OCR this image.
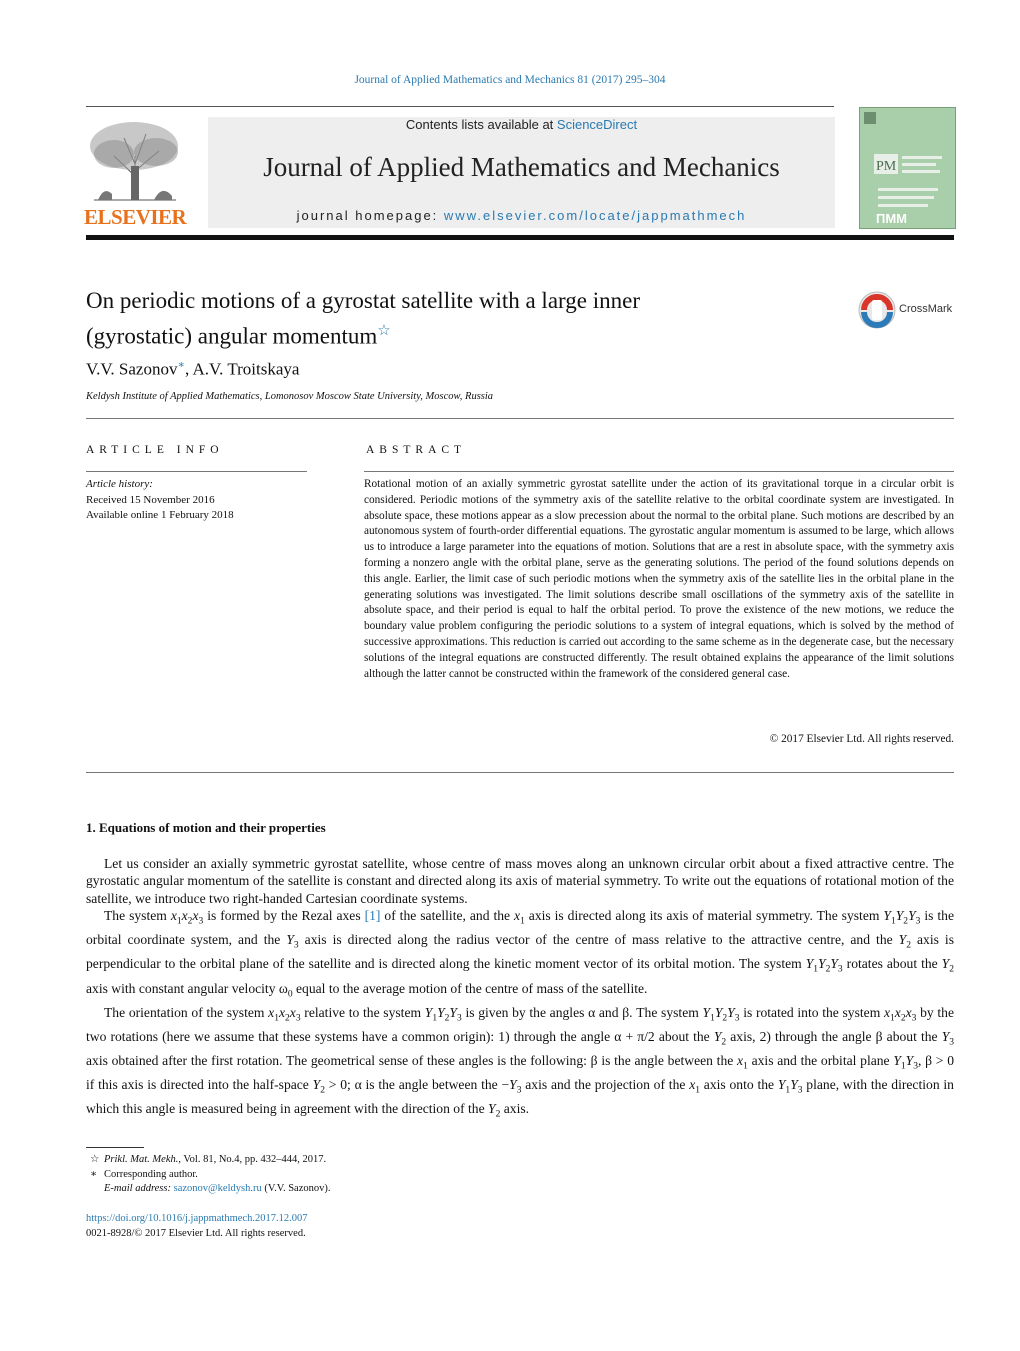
Journal of Applied Mathematics and Mechanics 81 (2017) 295–304
ELSEVIER
Contents lists available at ScienceDirect
Journal of Applied Mathematics and Mechanics
journal homepage: www.elsevier.com/locate/jappmathmech
PM
ПММ
On periodic motions of a gyrostat satellite with a large inner
(gyrostatic) angular momentum☆
CrossMark
V.V. Sazonov∗, A.V. Troitskaya
Keldysh Institute of Applied Mathematics, Lomonosov Moscow State University, Moscow, Russia
ARTICLE INFO
Article history:
Received 15 November 2016
Available online 1 February 2018
ABSTRACT
Rotational motion of an axially symmetric gyrostat satellite under the action of its gravitational torque in a circular orbit is considered. Periodic motions of the symmetry axis of the satellite relative to the orbital coordinate system are investigated. In absolute space, these motions appear as a slow precession about the normal to the orbital plane. Such motions are described by an autonomous system of fourth-order differential equations. The gyrostatic angular momentum is assumed to be large, which allows us to introduce a large parameter into the equations of motion. Solutions that are a rest in absolute space, with the symmetry axis forming a nonzero angle with the orbital plane, serve as the generating solutions. The period of the found solutions depends on this angle. Earlier, the limit case of such periodic motions when the symmetry axis of the satellite lies in the orbital plane in the generating solutions was investigated. The limit solutions describe small oscillations of the symmetry axis of the satellite in absolute space, and their period is equal to half the orbital period. To prove the existence of the new motions, we reduce the boundary value problem configuring the periodic solutions to a system of integral equations, which is solved by the method of successive approximations. This reduction is carried out according to the same scheme as in the degenerate case, but the necessary solutions of the integral equations are constructed differently. The result obtained explains the appearance of the limit solutions although the latter cannot be constructed within the framework of the considered general case.
© 2017 Elsevier Ltd. All rights reserved.
1. Equations of motion and their properties

Let us consider an axially symmetric gyrostat satellite, whose centre of mass moves along an unknown circular orbit about a fixed attractive centre. The gyrostatic angular momentum of the satellite is constant and directed along its axis of material symmetry. To write out the equations of rotational motion of the satellite, we introduce two right-handed Cartesian coordinate systems.

The system $x_1x_2x_3$ is formed by the Rezal axes [1] of the satellite, and the $x_1$ axis is directed along its axis of material symmetry. The system $Y_1Y_2Y_3$ is the orbital coordinate system, and the $Y_3$ axis is directed along the radius vector of the centre of mass relative to the attractive centre, and the $Y_2$ axis is perpendicular to the orbital plane of the satellite and is directed along the kinetic moment vector of its orbital motion. The system $Y_1Y_2Y_3$ rotates about the $Y_2$ axis with constant angular velocity $\omega_0$ equal to the average motion of the centre of mass of the satellite.

The orientation of the system $x_1x_2x_3$ relative to the system $Y_1Y_2Y_3$ is given by the angles α and β. The system $Y_1Y_2Y_3$ is rotated into the system $x_1x_2x_3$ by the two rotations (here we assume that these systems have a common origin): 1) through the angle α + π/2 about the $Y_2$ axis, 2) through the angle β about the $Y_3$ axis obtained after the first rotation. The geometrical sense of these angles is the following: β is the angle between the $x_1$ axis and the orbital plane $Y_1Y_3$, β > 0 if this axis is directed into the half-space $Y_2 > 0$; α is the angle between the $-Y_3$ axis and the projection of the $x_1$ axis onto the $Y_1Y_3$ plane, with the direction in which this angle is measured being in agreement with the direction of the $Y_2$ axis.

☆ Prikl. Mat. Mekh., Vol. 81, No.4, pp. 432–444, 2017.
∗ Corresponding author.
E-mail address: sazonov@keldysh.ru (V.V. Sazonov).
https://doi.org/10.1016/j.jappmathmech.2017.12.007
0021-8928/© 2017 Elsevier Ltd. All rights reserved.
